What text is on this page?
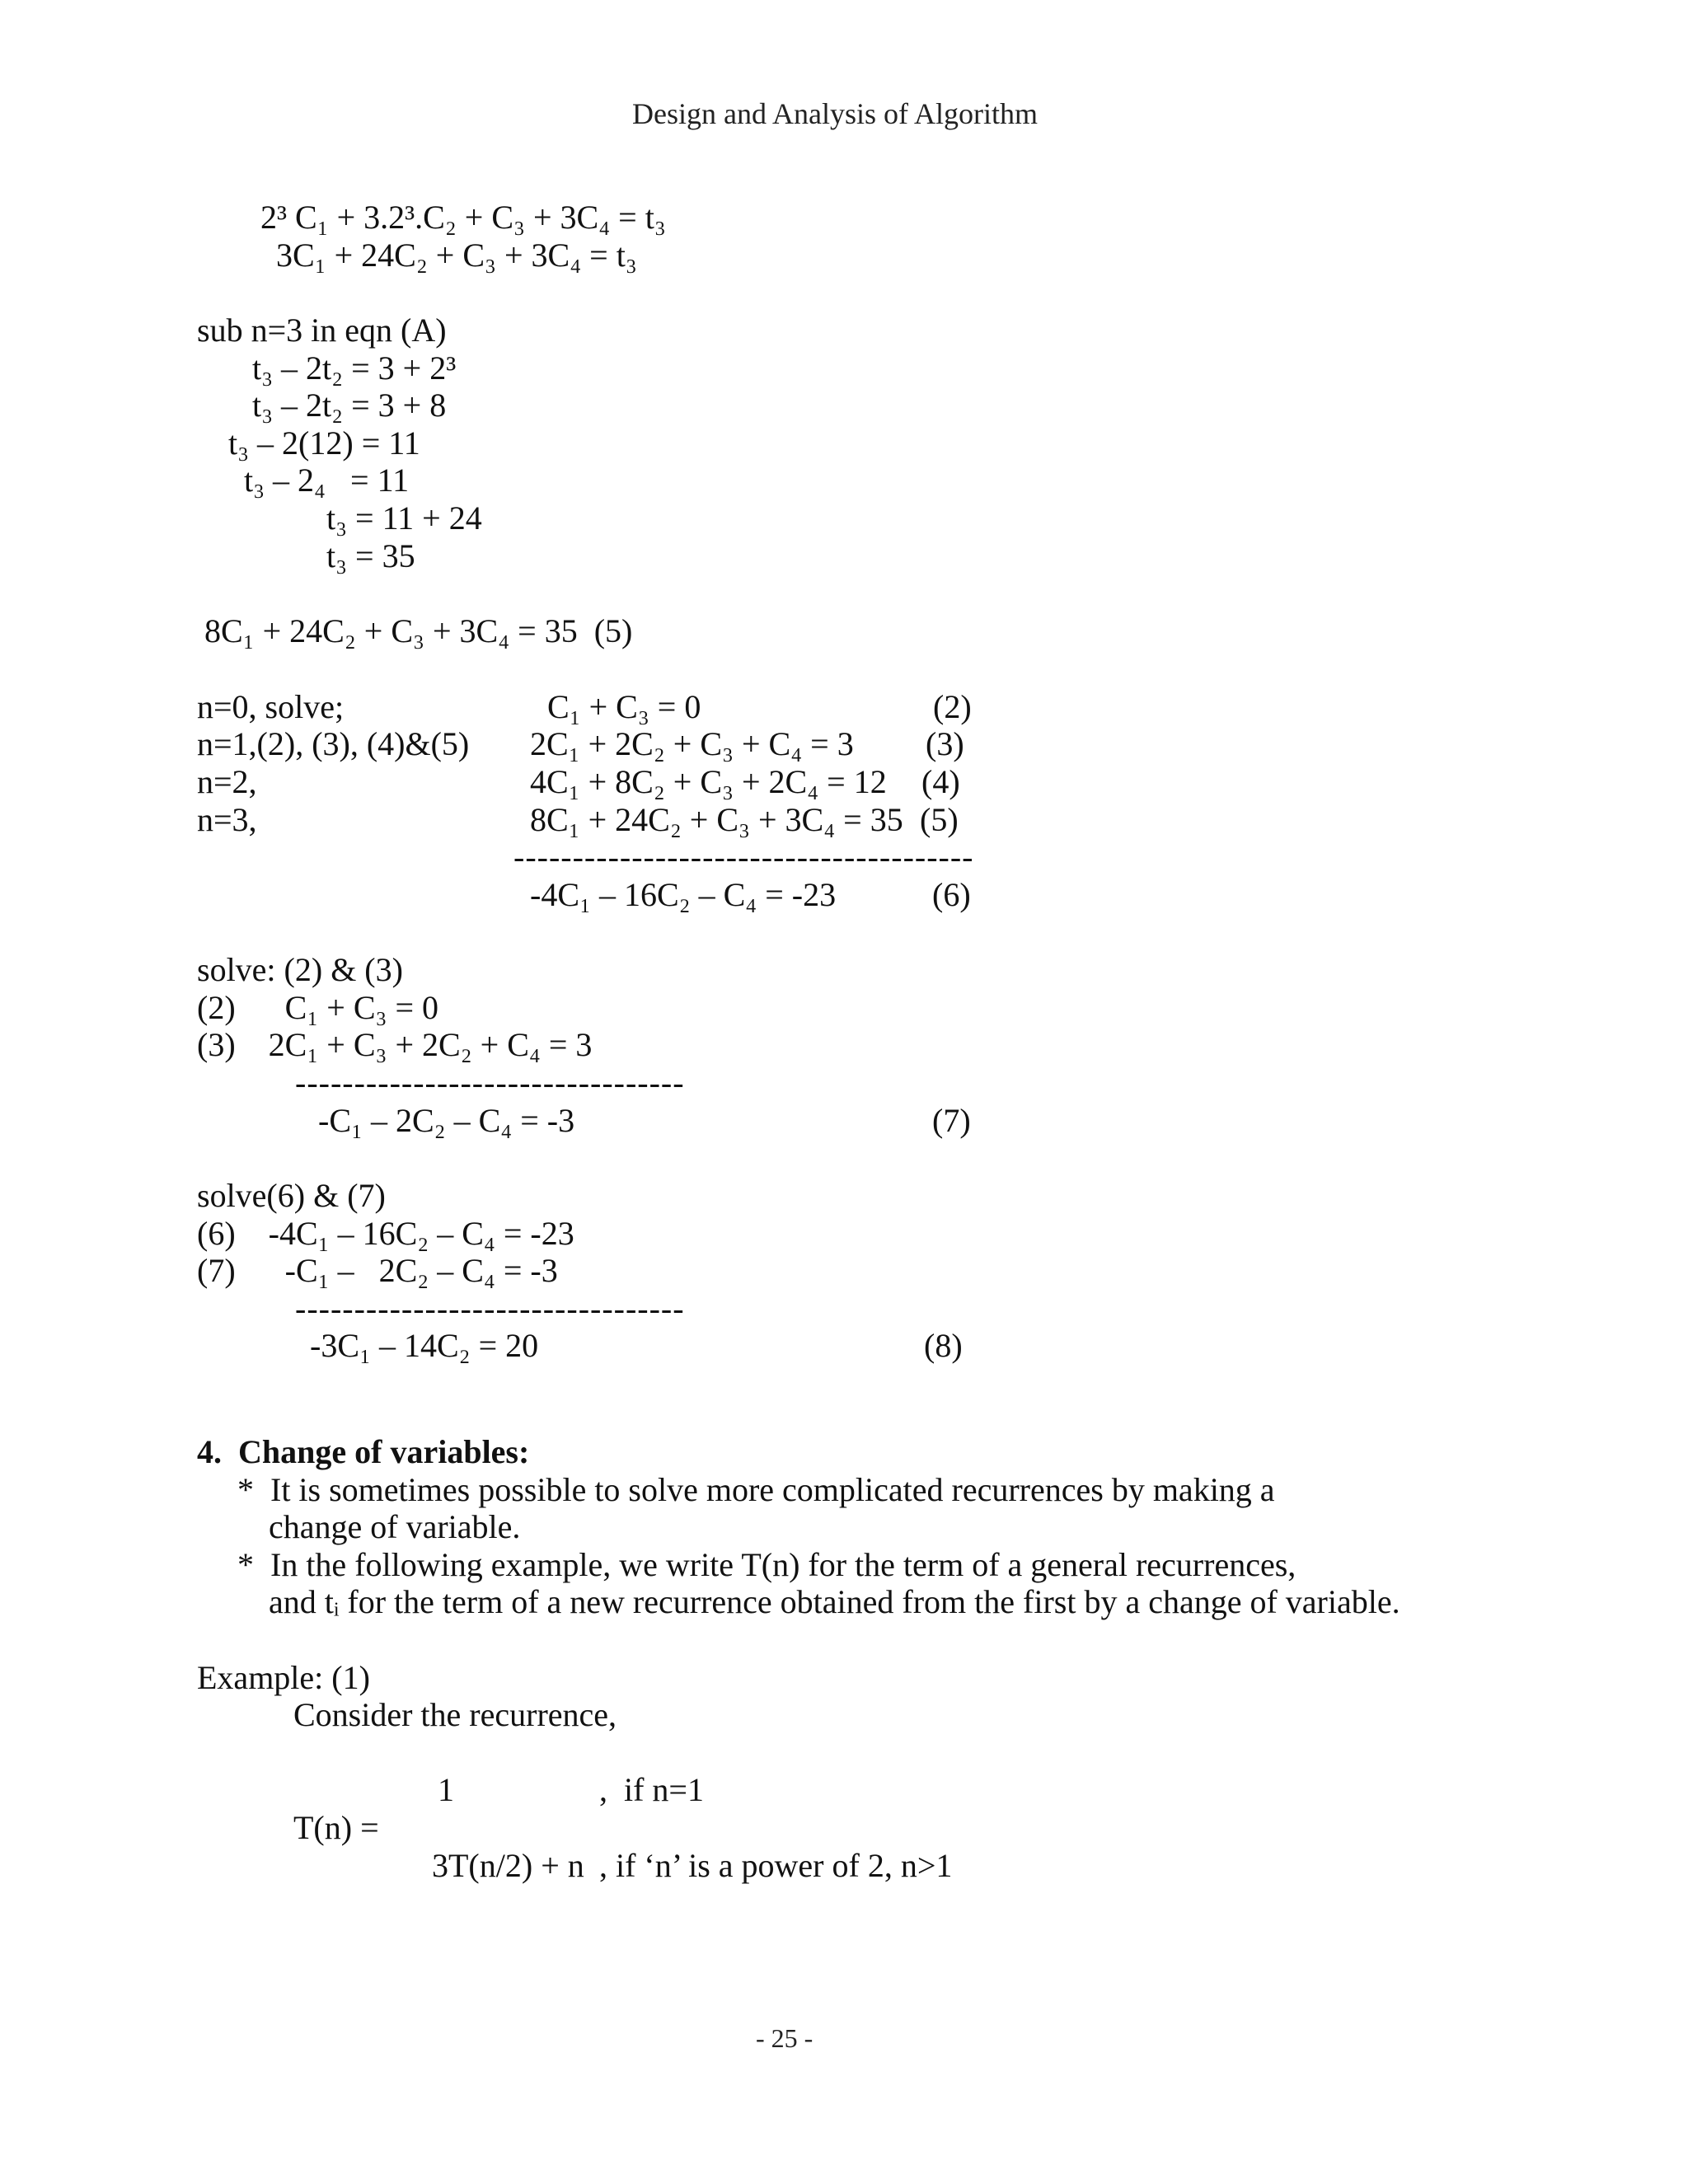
Design and Analysis of Algorithm
2³ C₁ + 3.2³.C₂ + C₃ + 3C₄ = t₃
3C₁ + 24C₂ + C₃ + 3C₄ = t₃
sub n=3 in eqn (A)
t₃ – 2t₂ = 3 + 2³
t₃ – 2t₂ = 3 + 8
t₃ – 2(12) = 11
t₃ – 2₄   = 11
t₃ = 11 + 24
t₃ = 35
8C₁ + 24C₂ + C₃ + 3C₄ = 35  (5)
n=0, solve;	C₁ + C₃ = 0	(2)
n=1,(2), (3), (4)&(5) 2C₁ + 2C₂ + C₃ + C₄ = 3 (3)
n=2,	4C₁ + 8C₂ + C₃ + 2C₄ = 12 (4)
n=3,	8C₁ + 24C₂ + C₃ + 3C₄ = 35 (5)
---------------------------------------
-4C₁ – 16C₂ – C₄ = -23	(6)
solve: (2) & (3)
(2)      C₁ + C₃ = 0
(3)    2C₁ + C₃ + 2C₂ + C₄ = 3
---------------------------------
-C₁ – 2C₂ – C₄ = -3	(7)
solve(6) & (7)
(6)    -4C₁ – 16C₂ – C₄ = -23
(7)      -C₁ –   2C₂ – C₄ = -3
---------------------------------
-3C₁ – 14C₂ = 20	(8)
4.  Change of variables:
*  It is sometimes possible to solve more complicated recurrences by making a
change of variable.
*  In the following example, we write T(n) for the term of a general recurrences,
and tᵢ for the term of a new recurrence obtained from the first by a change of variable.
Example: (1)
Consider the recurrence,
1	,  if n=1
T(n) =
3T(n/2) + n , if ‘n’ is a power of 2, n>1
- 25 -
